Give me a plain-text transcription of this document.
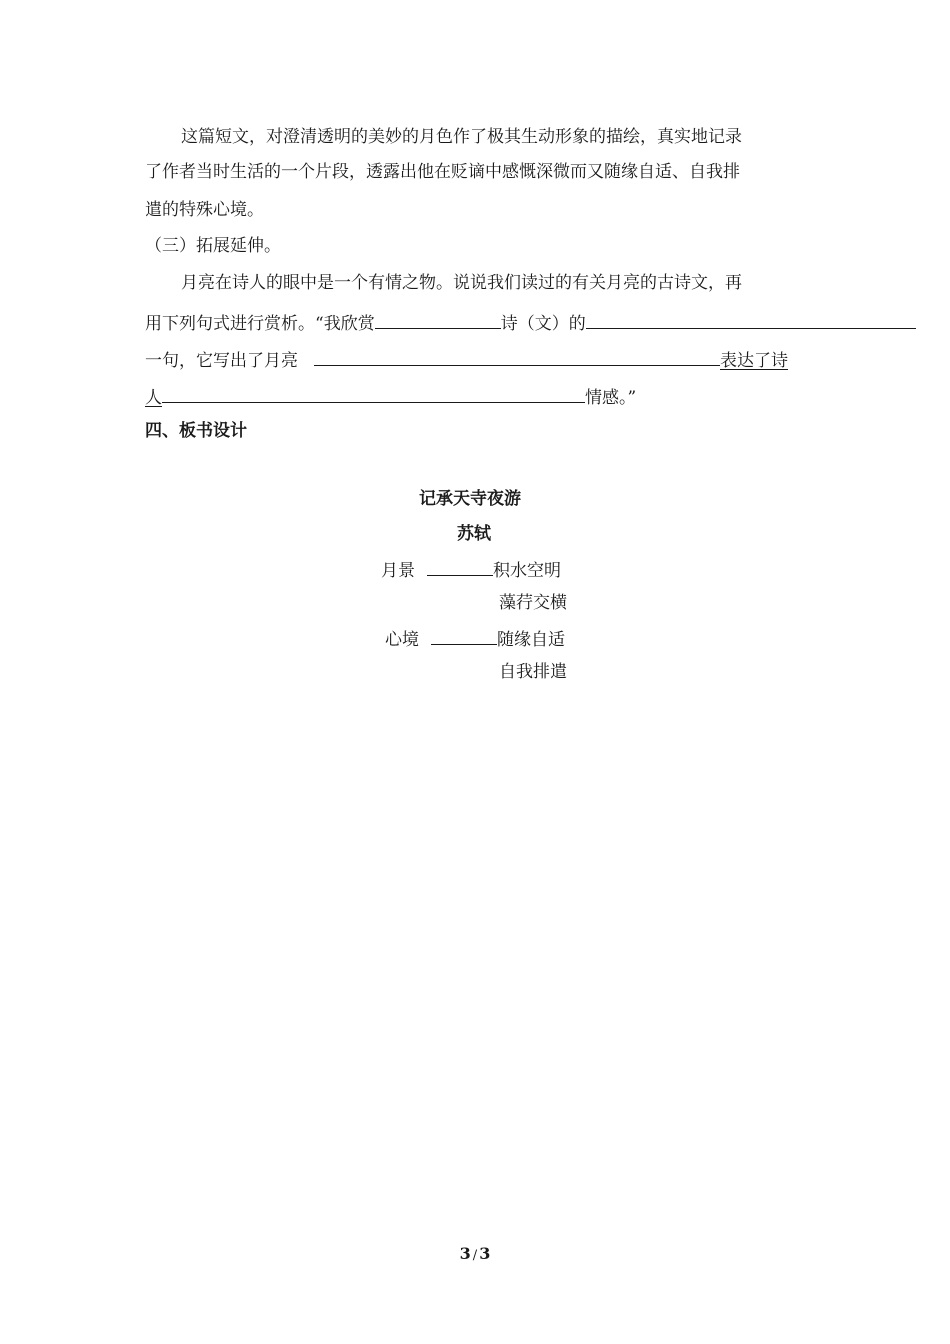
这篇短文，对澄清透明的美妙的月色作了极其生动形象的描绘，真实地记录
了作者当时生活的一个片段，透露出他在贬谪中感慨深微而又随缘自适、自我排
遣的特殊心境。
（三）拓展延伸。
月亮在诗人的眼中是一个有情之物。说说我们读过的有关月亮的古诗文，再
用下列句式进行赏析。“我欣赏	诗（文）的
一句，它写出了月亮	表达了诗
人	情感。”
四、板书设计
记承天寺夜游
苏轼
月景	积水空明
藻荇交横
心境	随缘自适
自我排遣
3 / 3
